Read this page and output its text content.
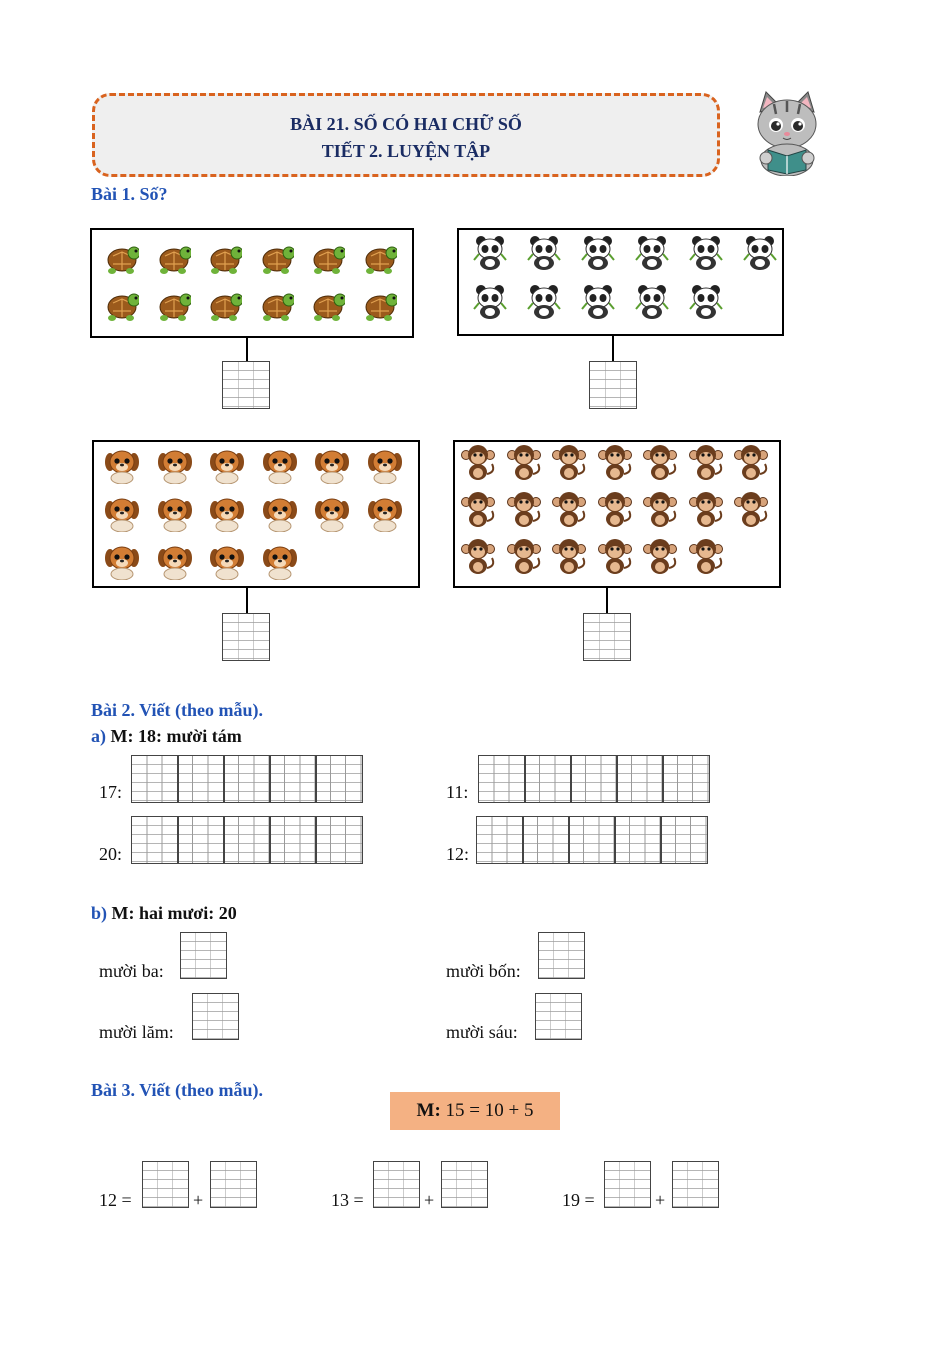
BÀI 21. SỐ CÓ HAI CHỮ SỐ
TIẾT 2. LUYỆN TẬP
Bài 1. Số?
Bài 2. Viết (theo mẫu).
a) M: 18: mười tám
17:	11:
20:	12:
b) M: hai mươi: 20
mười ba:	mười bốn:
mười lăm:	mười sáu:
Bài 3. Viết (theo mẫu).
M: 15 = 10 + 5
12 =	+	13 =	+	19 =	+
